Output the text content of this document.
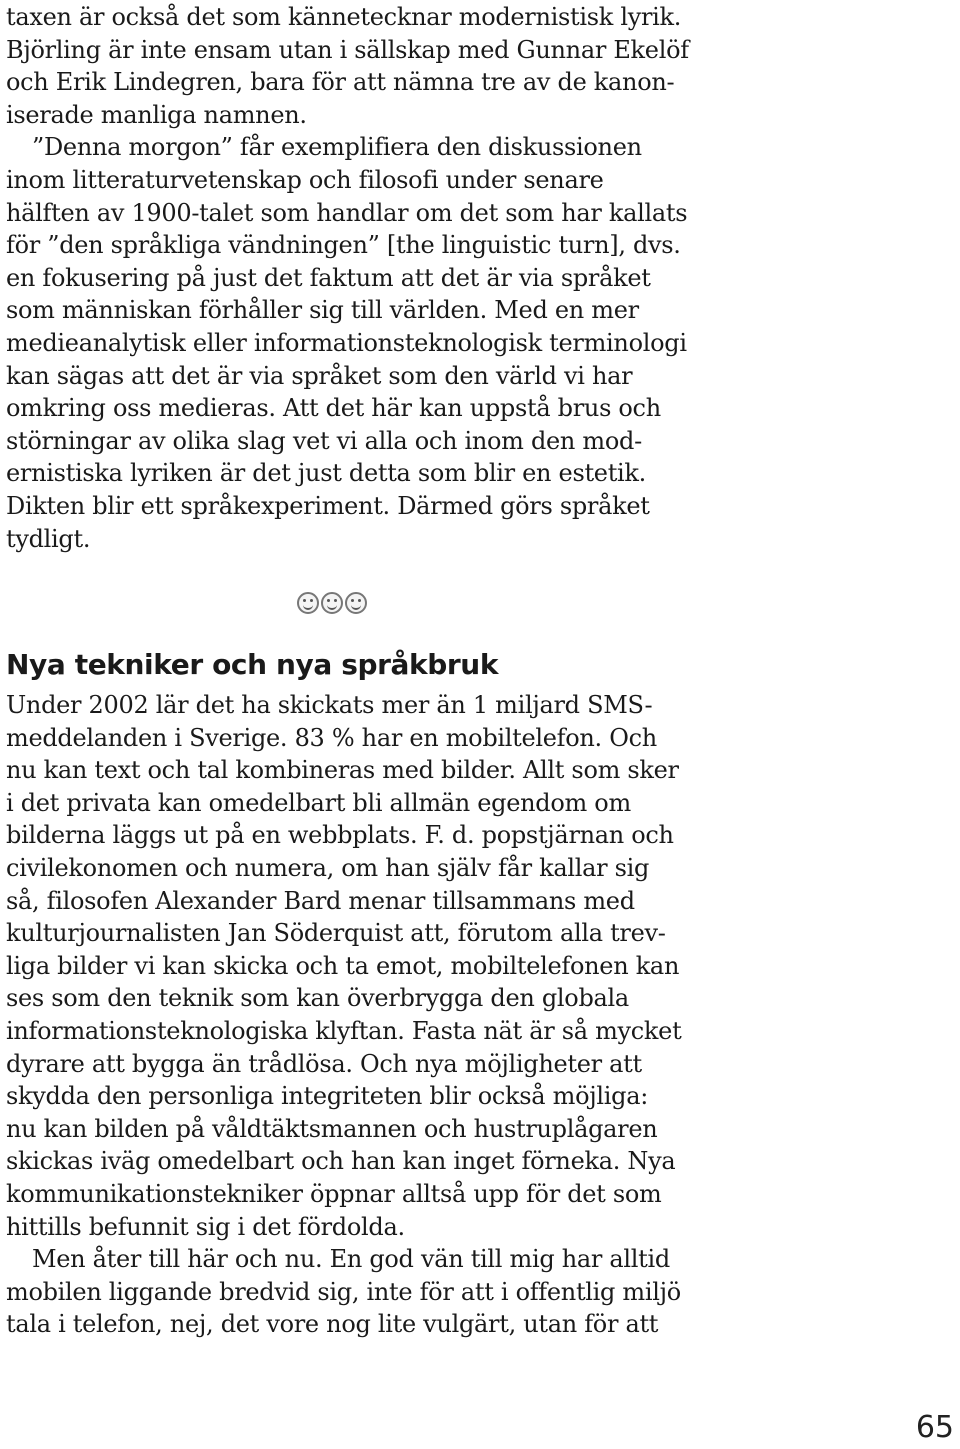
taxen är också det som kännetecknar modernistisk lyrik.
Björling är inte ensam utan i sällskap med Gunnar Ekelöf
och Erik Lindegren, bara för att nämna tre av de kanon-
iserade manliga namnen.
”Denna morgon” får exemplifiera den diskussionen
inom litteraturvetenskap och filosofi under senare
hälften av 1900-talet som handlar om det som har kallats
för ”den språkliga vändningen” [the linguistic turn], dvs.
en fokusering på just det faktum att det är via språket
som människan förhåller sig till världen. Med en mer
medieanalytisk eller informationsteknologisk terminologi
kan sägas att det är via språket som den värld vi har
omkring oss medieras. Att det här kan uppstå brus och
störningar av olika slag vet vi alla och inom den mod-
ernistiska lyriken är det just detta som blir en estetik.
Dikten blir ett språkexperiment. Därmed görs språket
tydligt.
Nya tekniker och nya språkbruk
Under 2002 lär det ha skickats mer än 1 miljard SMS-
meddelanden i Sverige. 83 % har en mobiltelefon. Och
nu kan text och tal kombineras med bilder. Allt som sker
i det privata kan omedelbart bli allmän egendom om
bilderna läggs ut på en webbplats. F. d. popstjärnan och
civilekonomen och numera, om han själv får kallar sig
så, filosofen Alexander Bard menar tillsammans med
kulturjournalisten Jan Söderquist att, förutom alla trev-
liga bilder vi kan skicka och ta emot, mobiltelefonen kan
ses som den teknik som kan överbrygga den globala
informationsteknologiska klyftan. Fasta nät är så mycket
dyrare att bygga än trådlösa. Och nya möjligheter att
skydda den personliga integriteten blir också möjliga:
nu kan bilden på våldtäktsmannen och hustruplågaren
skickas iväg omedelbart och han kan inget förneka. Nya
kommunikationstekniker öppnar alltså upp för det som
hittills befunnit sig i det fördolda.
Men åter till här och nu. En god vän till mig har alltid
mobilen liggande bredvid sig, inte för att i offentlig miljö
tala i telefon, nej, det vore nog lite vulgärt, utan för att
65
